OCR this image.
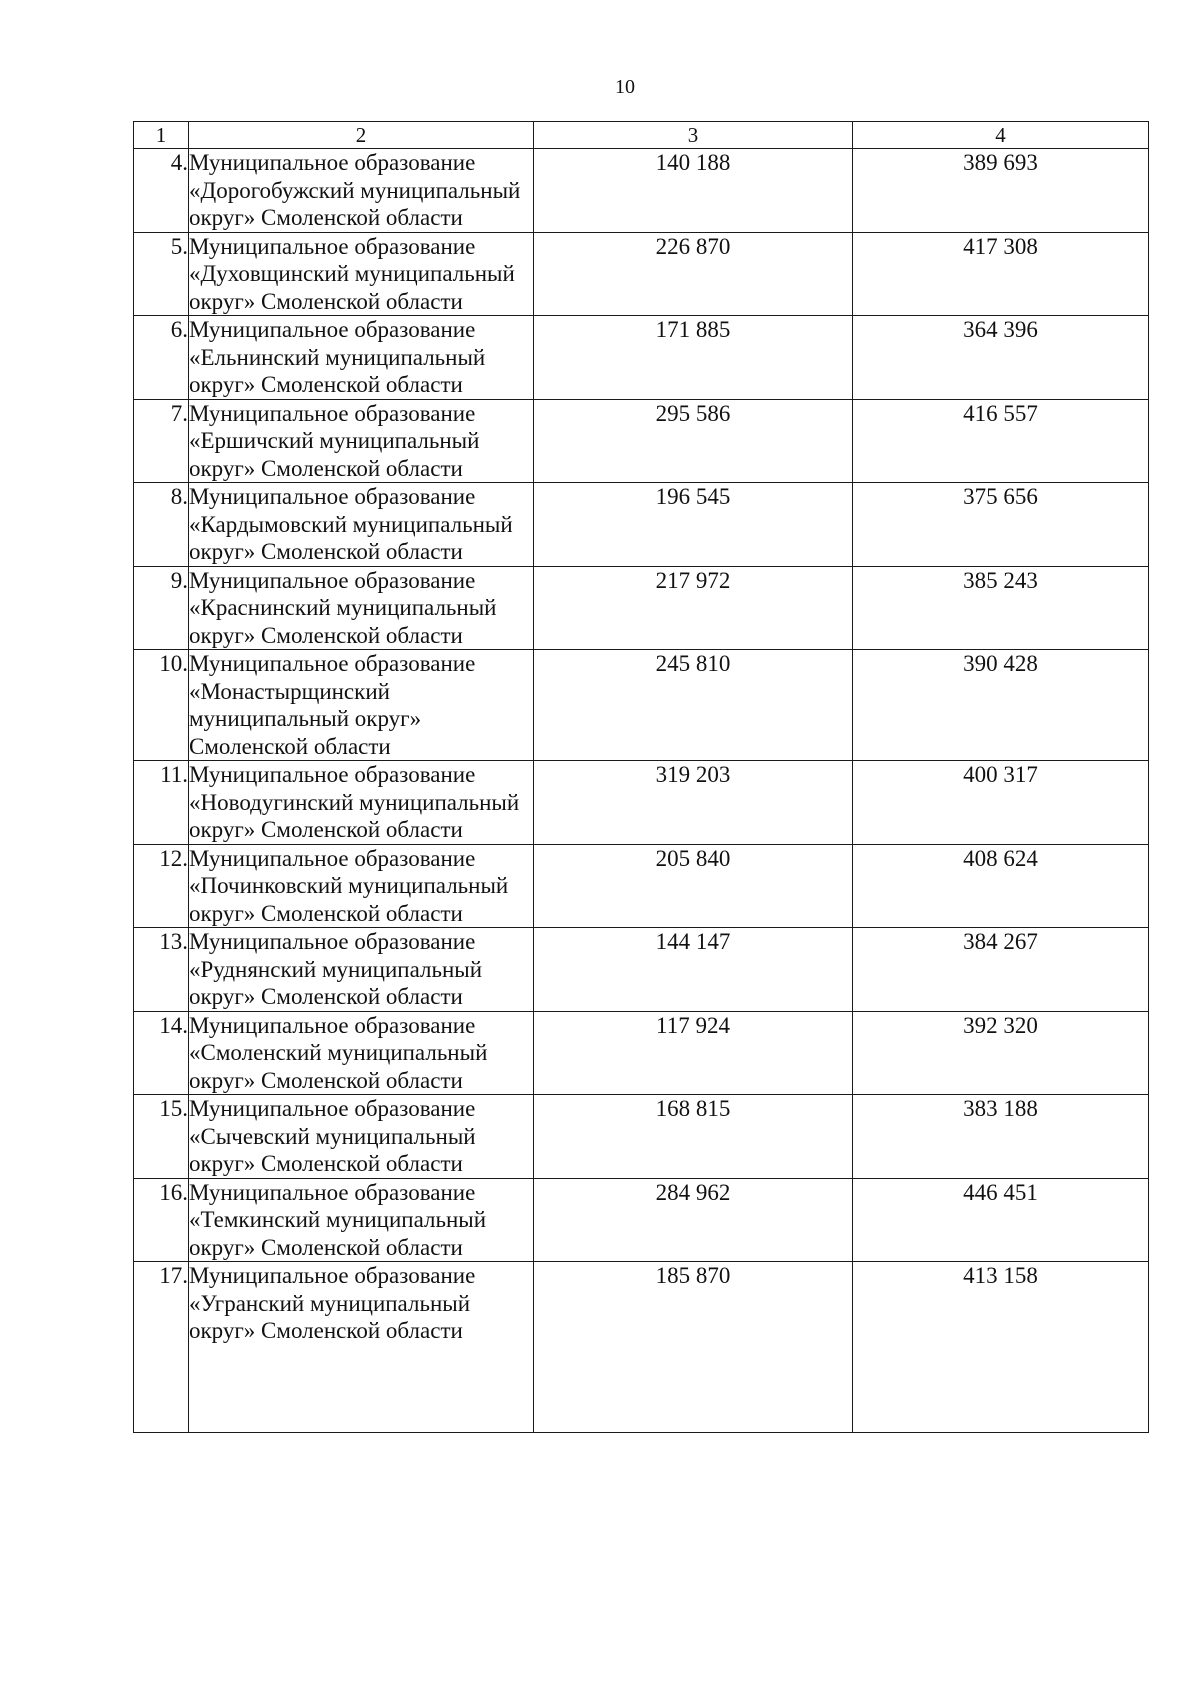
10
1	2	3	4
4.	Муниципальное образование «Дорогобужский муниципальный округ» Смоленской области	140 188	389 693
5.	Муниципальное образование «Духовщинский муниципальный округ» Смоленской области	226 870	417 308
6.	Муниципальное образование «Ельнинский муниципальный округ» Смоленской области	171 885	364 396
7.	Муниципальное образование «Ершичский муниципальный округ» Смоленской области	295 586	416 557
8.	Муниципальное образование «Кардымовский муниципальный округ» Смоленской области	196 545	375 656
9.	Муниципальное образование «Краснинский муниципальный округ» Смоленской области	217 972	385 243
10.	Муниципальное образование «Монастырщинский муниципальный округ» Смоленской области	245 810	390 428
11.	Муниципальное образование «Новодугинский муниципальный округ» Смоленской области	319 203	400 317
12.	Муниципальное образование «Починковский муниципальный округ» Смоленской области	205 840	408 624
13.	Муниципальное образование «Руднянский муниципальный округ» Смоленской области	144 147	384 267
14.	Муниципальное образование «Смоленский муниципальный округ» Смоленской области	117 924	392 320
15.	Муниципальное образование «Сычевский муниципальный округ» Смоленской области	168 815	383 188
16.	Муниципальное образование «Темкинский муниципальный округ» Смоленской области	284 962	446 451
17.	Муниципальное образование «Угранский муниципальный округ» Смоленской области	185 870	413 158
